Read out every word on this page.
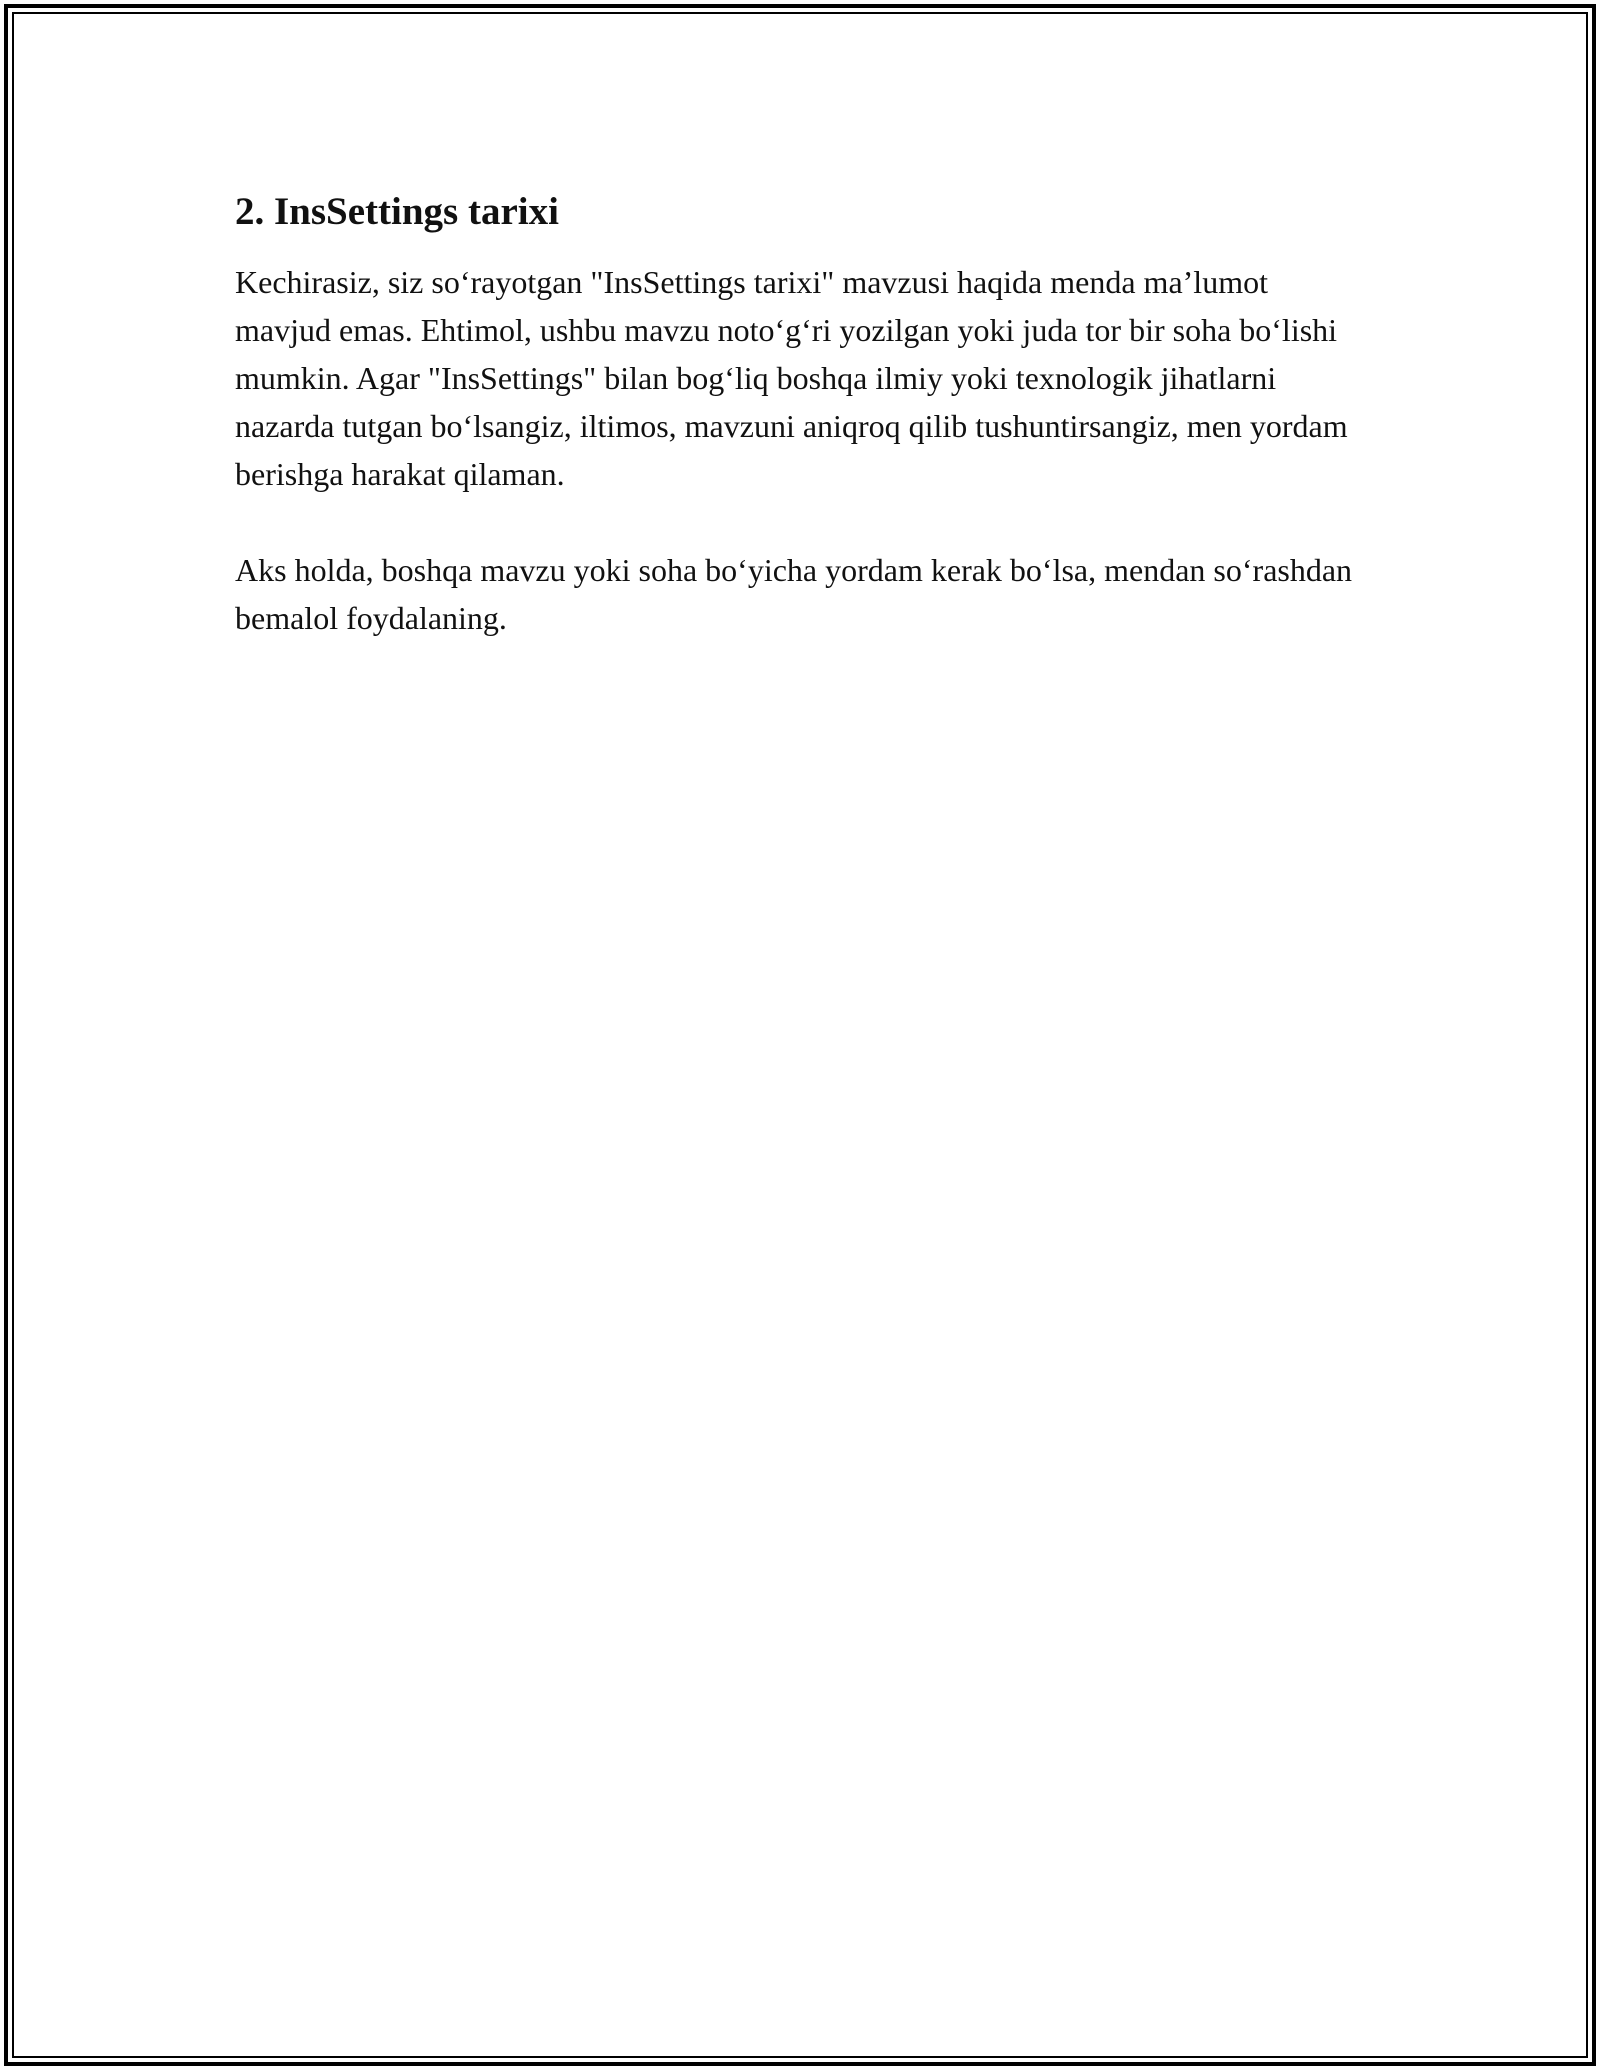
2. InsSettings tarixi

Kechirasiz, siz so‘rayotgan "InsSettings tarixi" mavzusi haqida menda ma’lumot mavjud emas. Ehtimol, ushbu mavzu noto‘g‘ri yozilgan yoki juda tor bir soha bo‘lishi mumkin. Agar "InsSettings" bilan bog‘liq boshqa ilmiy yoki texnologik jihatlarni nazarda tutgan bo‘lsangiz, iltimos, mavzuni aniqroq qilib tushuntirsangiz, men yordam berishga harakat qilaman.

Aks holda, boshqa mavzu yoki soha bo‘yicha yordam kerak bo‘lsa, mendan so‘rashdan bemalol foydalaning.
